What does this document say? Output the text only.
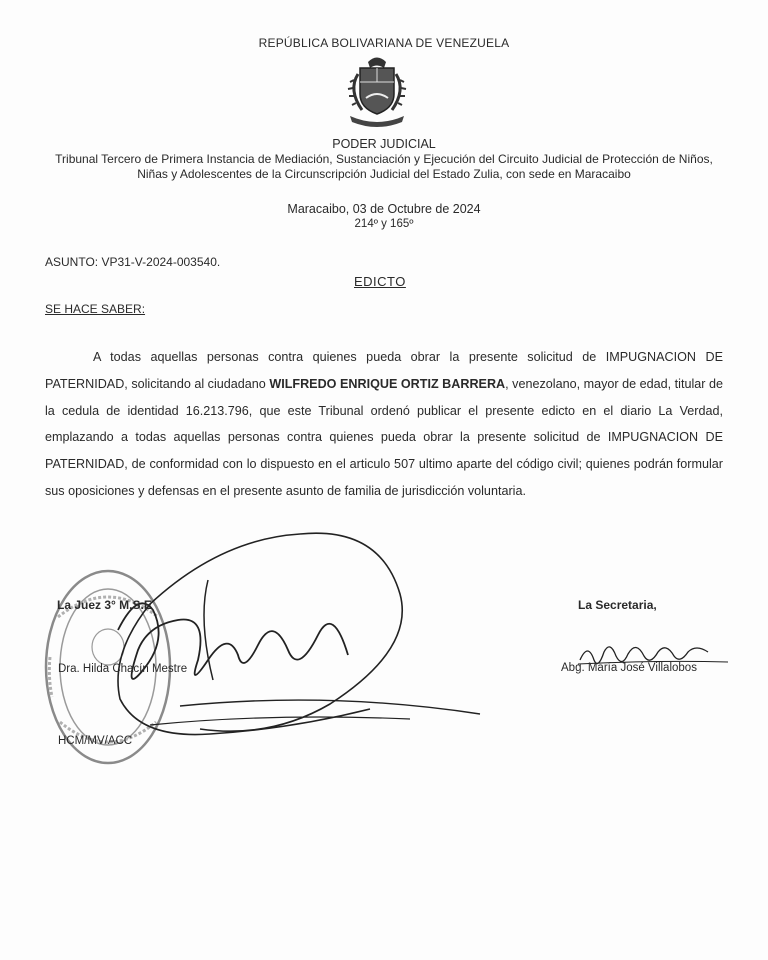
REPÚBLICA BOLIVARIANA DE VENEZUELA
PODER JUDICIAL
Tribunal Tercero de Primera Instancia de Mediación, Sustanciación y Ejecución del Circuito Judicial de Protección de Niños, Niñas y Adolescentes de la Circunscripción Judicial del Estado Zulia, con sede en Maracaibo
Maracaibo, 03 de Octubre de 2024
214º y 165º
ASUNTO: VP31-V-2024-003540.
EDICTO
SE HACE SABER:

A todas aquellas personas contra quienes pueda obrar la presente solicitud de IMPUGNACION DE PATERNIDAD, solicitando al ciudadano WILFREDO ENRIQUE ORTIZ BARRERA, venezolano, mayor de edad, titular de la cedula de identidad 16.213.796, que este Tribunal ordenó publicar el presente edicto en el diario La Verdad, emplazando a todas aquellas personas contra quienes pueda obrar la presente solicitud de IMPUGNACION DE PATERNIDAD, de conformidad con lo dispuesto en el articulo 507 ultimo aparte del código civil; quienes podrán formular sus oposiciones y defensas en el presente asunto de familia de jurisdicción voluntaria.

La Juez 3° M.S.E
Dra. Hilda Chacín Mestre
HCM/MV/ACC
La Secretaria,
Abg. María José Villalobos
